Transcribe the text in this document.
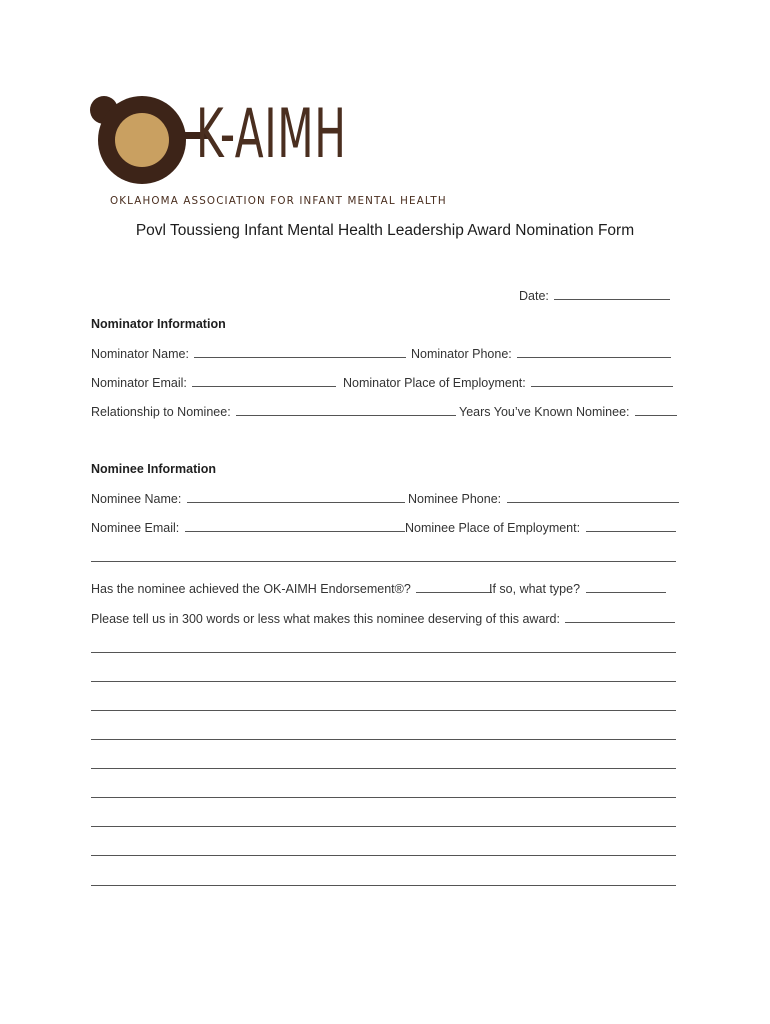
K-AIMH
OKLAHOMA ASSOCIATION FOR INFANT MENTAL HEALTH
Povl Toussieng Infant Mental Health Leadership Award Nomination Form
Date:
Nominator Information
Nominator Name:	Nominator Phone:
Nominator Email:	Nominator Place of Employment:
Relationship to Nominee:	Years You’ve Known Nominee:
Nominee Information
Nominee Name:	Nominee Phone:
Nominee Email:	Nominee Place of Employment:
Has the nominee achieved the OK-AIMH Endorsement®?	If so, what type?
Please tell us in 300 words or less what makes this nominee deserving of this award:
